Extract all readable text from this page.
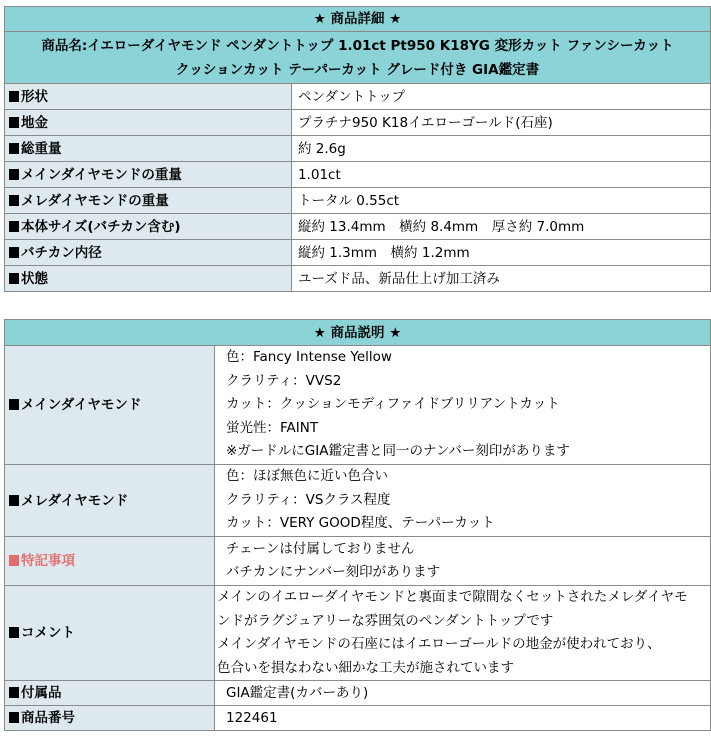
★ 商品詳細 ★	
商品名:イエローダイヤモンド ペンダントトップ 1.01ct Pt950 K18YG 変形カット ファンシーカット
クッションカット テーパーカット グレード付き GIA鑑定書	
形状	ペンダントトップ
地金	プラチナ950 K18イエローゴールド(石座)
総重量	約 2.6g
メインダイヤモンドの重量	1.01ct
メレダイヤモンドの重量	トータル 0.55ct
本体サイズ(バチカン含む)	縦約 13.4mm　横約 8.4mm　厚さ約 7.0mm
バチカン内径	縦約 1.3mm　横約 1.2mm
状態	ユーズド品、新品仕上げ加工済み
★ 商品説明 ★	
メインダイヤモンド	色：Fancy Intense Yellow
クラリティ：VVS2
カット：クッションモディファイドブリリアントカット
蛍光性：FAINT
※ガードルにGIA鑑定書と同一のナンバー刻印があります

メレダイヤモンド	色：ほぼ無色に近い色合い
クラリティ：VSクラス程度
カット：VERY GOOD程度、テーパーカット

特記事項	チェーンは付属しておりません
バチカンにナンバー刻印があります

コメント	メインのイエローダイヤモンドと裏面まで隙間なくセットされたメレダイヤモ
ンドがラグジュアリーな雰囲気のペンダントトップです
メインダイヤモンドの石座にはイエローゴールドの地金が使われており、
色合いを損なわない細かな工夫が施されています

付属品	GIA鑑定書(カバーあり)
商品番号	122461
